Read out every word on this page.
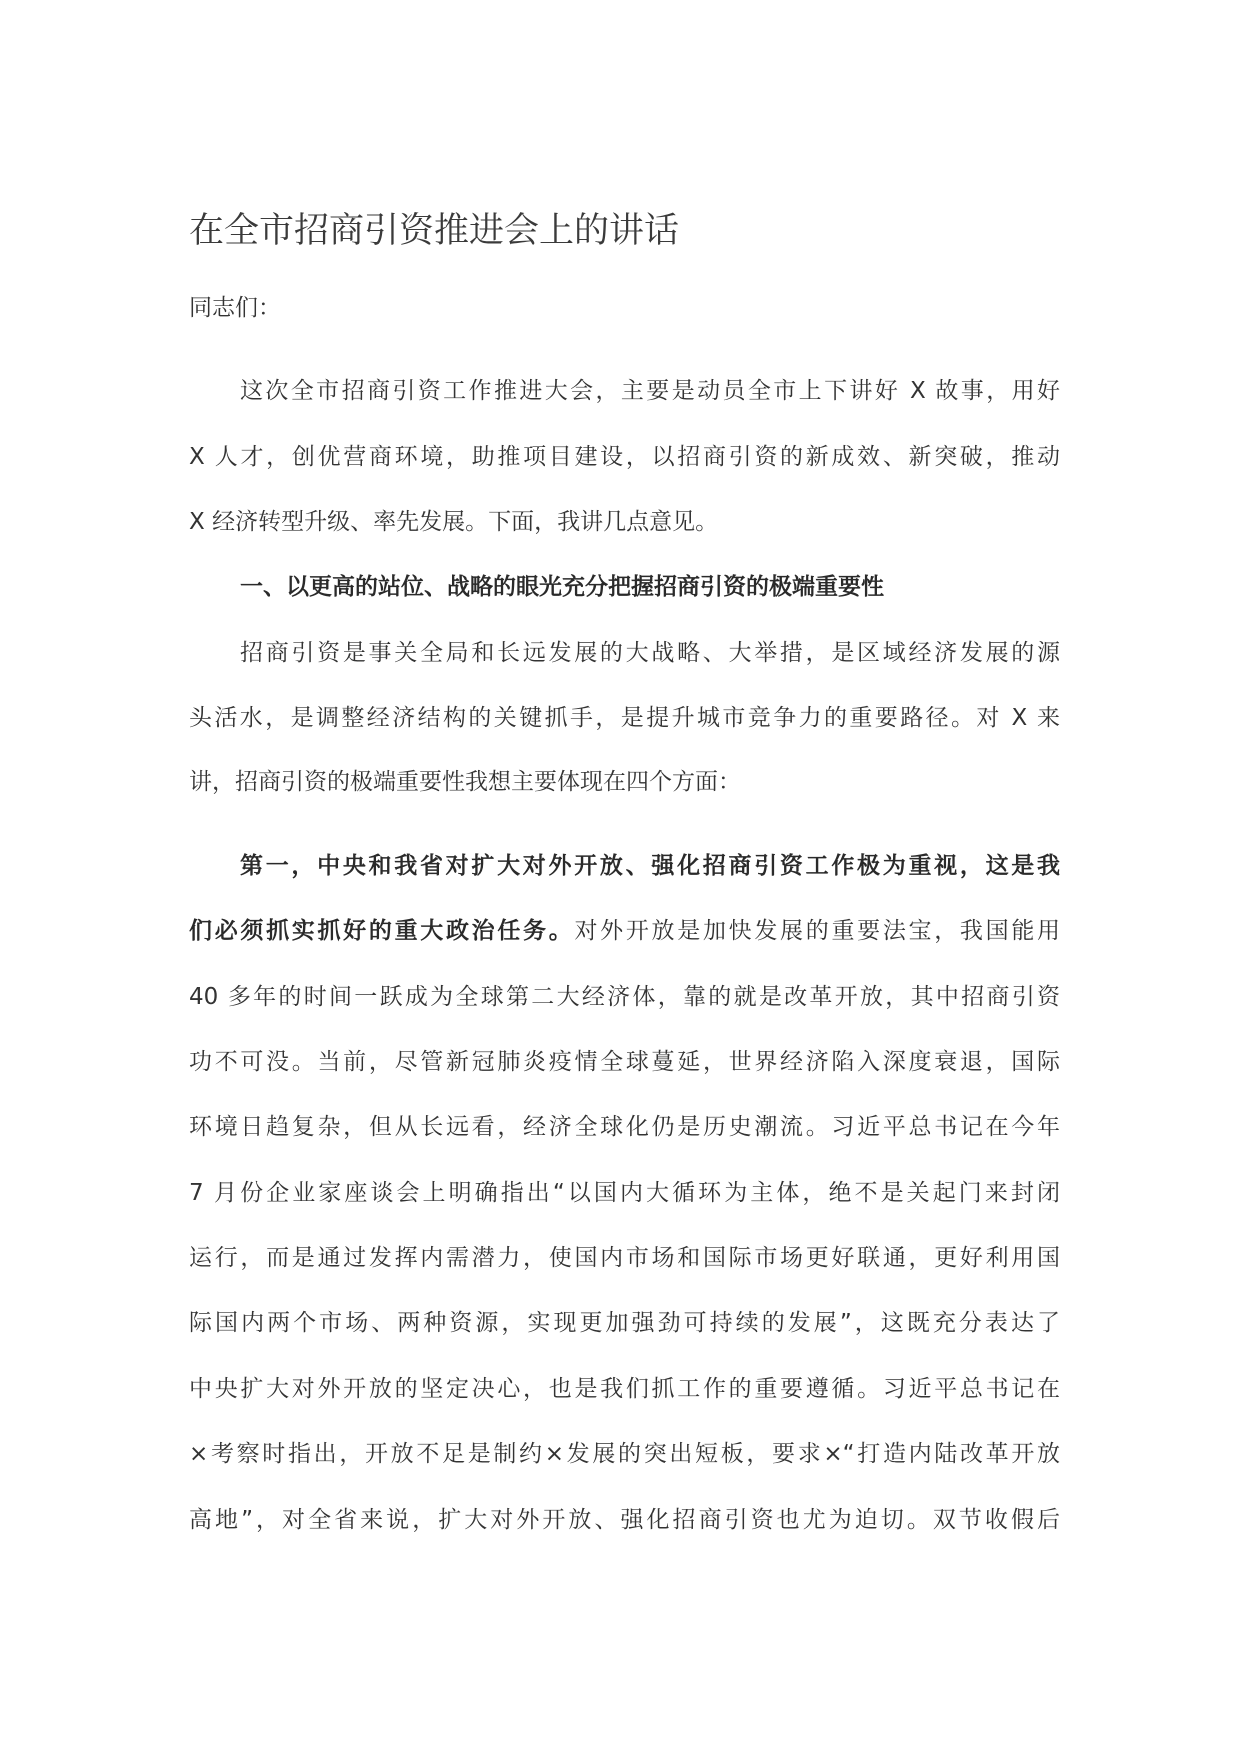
在全市招商引资推进会上的讲话
同志们：
这次全市招商引资工作推进大会，主要是动员全市上下讲好 X 故事，用好
X 人才，创优营商环境，助推项目建设，以招商引资的新成效、新突破，推动
X 经济转型升级、率先发展。下面，我讲几点意见。
一、以更高的站位、战略的眼光充分把握招商引资的极端重要性
招商引资是事关全局和长远发展的大战略、大举措，是区域经济发展的源
头活水，是调整经济结构的关键抓手，是提升城市竞争力的重要路径。对 X 来
讲，招商引资的极端重要性我想主要体现在四个方面：
第一，中央和我省对扩大对外开放、强化招商引资工作极为重视，这是我
们必须抓实抓好的重大政治任务。对外开放是加快发展的重要法宝，我国能用
40 多年的时间一跃成为全球第二大经济体，靠的就是改革开放，其中招商引资
功不可没。当前，尽管新冠肺炎疫情全球蔓延，世界经济陷入深度衰退，国际
环境日趋复杂，但从长远看，经济全球化仍是历史潮流。习近平总书记在今年
7 月份企业家座谈会上明确指出“以国内大循环为主体，绝不是关起门来封闭
运行，而是通过发挥内需潜力，使国内市场和国际市场更好联通，更好利用国
际国内两个市场、两种资源，实现更加强劲可持续的发展”，这既充分表达了
中央扩大对外开放的坚定决心，也是我们抓工作的重要遵循。习近平总书记在
×考察时指出，开放不足是制约×发展的突出短板，要求×“打造内陆改革开放
高地”，对全省来说，扩大对外开放、强化招商引资也尤为迫切。双节收假后
